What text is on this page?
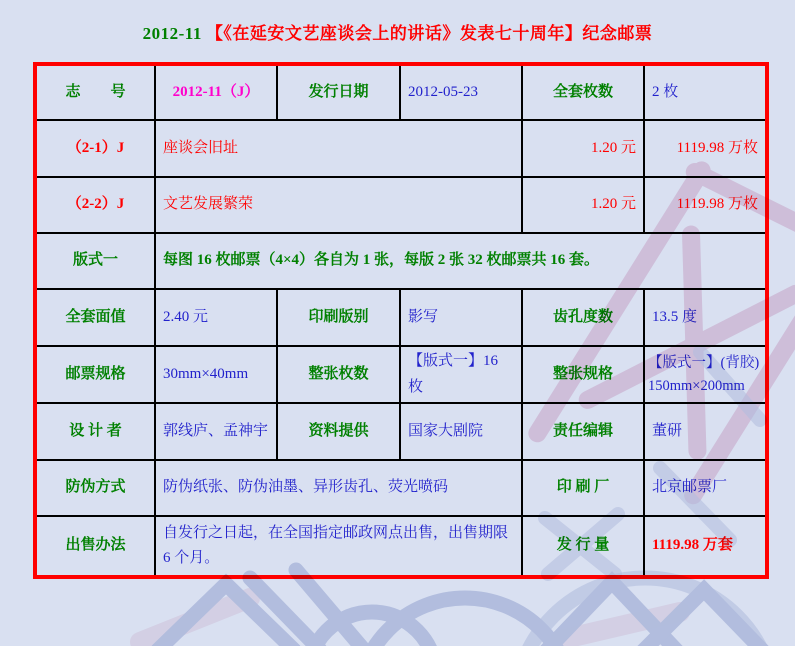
2012-11 【《在延安文艺座谈会上的讲话》发表七十周年】纪念邮票
志　　号	2012-11（J）	发行日期	2012-05-23	全套枚数	2 枚
（2-1）J	座谈会旧址			1.20 元	1119.98 万枚
（2-2）J	文艺发展繁荣			1.20 元	1119.98 万枚
版式一	每图 16 枚邮票（4×4）各自为 1 张，每版 2 张 32 枚邮票共 16 套。				
全套面值	2.40 元	印刷版别	影写	齿孔度数	13.5 度
邮票规格	30mm×40mm	整张枚数	【版式一】16 枚	整张规格	【版式一】(背胶)
150mm×200mm

设 计 者	郭线庐、孟神宇	资料提供	国家大剧院	责任编辑	董研
防伪方式	防伪纸张、防伪油墨、异形齿孔、荧光喷码			印 刷 厂	北京邮票厂
出售办法	自发行之日起，在全国指定邮政网点出售，出售期限 6 个月。			发 行 量	1119.98 万套
